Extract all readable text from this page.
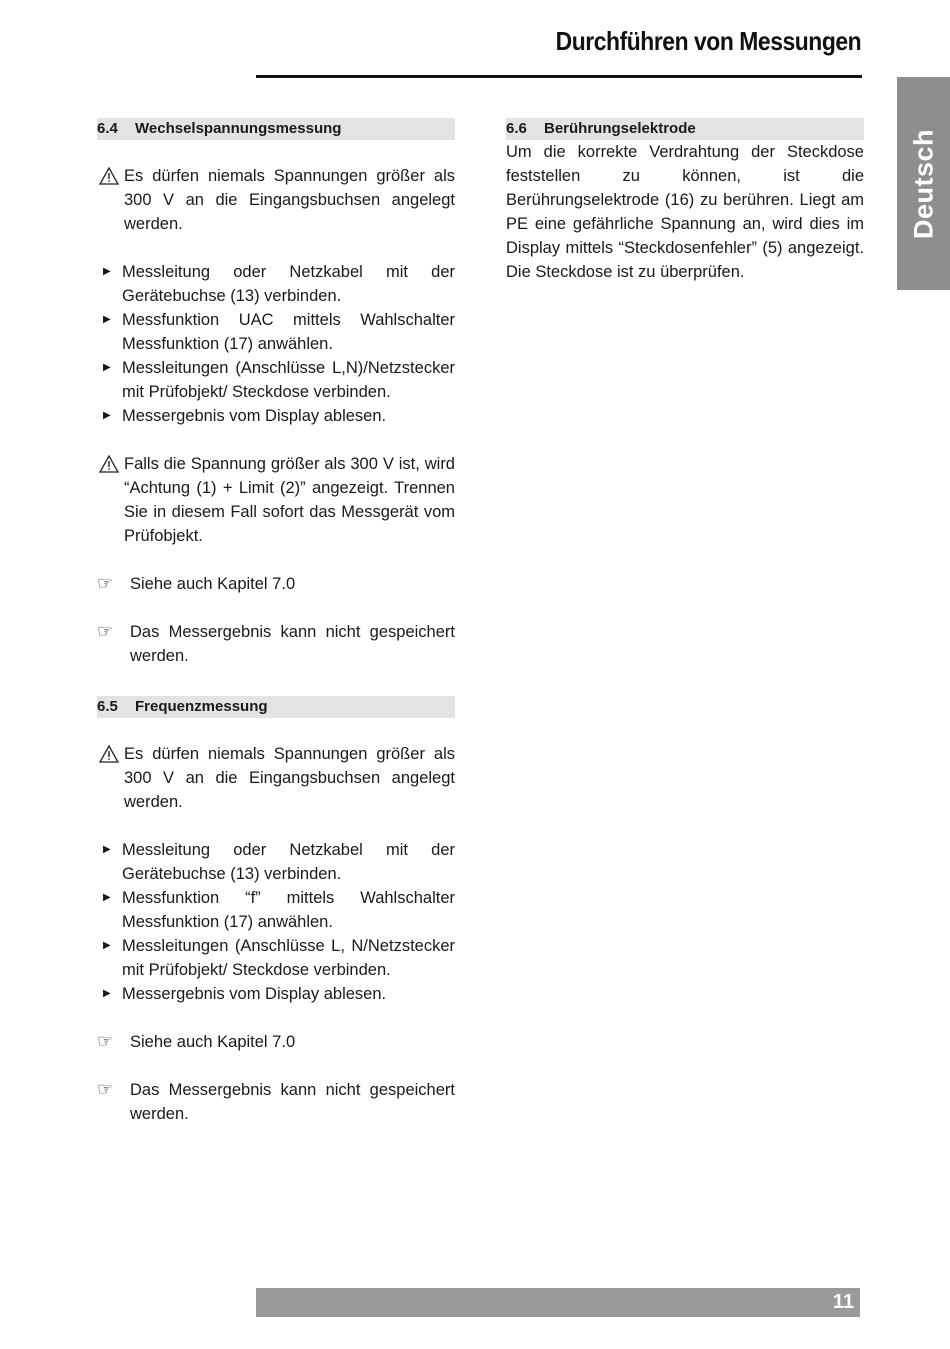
Durchführen von Messungen
Deutsch
6.4 Wechselspannungsmessung
Es dürfen niemals Spannungen größer als 300 V an die Eingangsbuchsen angelegt werden.
▶ Messleitung oder Netzkabel mit der Gerätebuchse (13) verbinden.
▶ Messfunktion UAC mittels Wahlschalter Messfunktion (17) anwählen.
▶ Messleitungen (Anschlüsse L,N)/Netzstecker mit Prüfobjekt/ Steckdose verbinden.
▶ Messergebnis vom Display ablesen.
Falls die Spannung größer als 300 V ist, wird “Achtung (1) + Limit (2)” angezeigt. Trennen Sie in diesem Fall sofort das Messgerät vom Prüfobjekt.
☞ Siehe auch Kapitel 7.0
☞ Das Messergebnis kann nicht gespeichert werden.
6.5 Frequenzmessung
Es dürfen niemals Spannungen größer als 300 V an die Eingangsbuchsen angelegt werden.
▶ Messleitung oder Netzkabel mit der Gerätebuchse (13) verbinden.
▶ Messfunktion “f” mittels Wahlschalter Messfunktion (17) anwählen.
▶ Messleitungen (Anschlüsse L, N/Netzstecker mit Prüfobjekt/ Steckdose verbinden.
▶ Messergebnis vom Display ablesen.
☞ Siehe auch Kapitel 7.0
☞ Das Messergebnis kann nicht gespeichert werden.
6.6 Berührungselektrode
Um die korrekte Verdrahtung der Steckdose feststellen zu können, ist die Berührungselektrode (16) zu berühren. Liegt am PE eine gefährliche Spannung an, wird dies im Display mittels “Steckdosenfehler” (5) angezeigt. Die Steckdose ist zu überprüfen.
11
